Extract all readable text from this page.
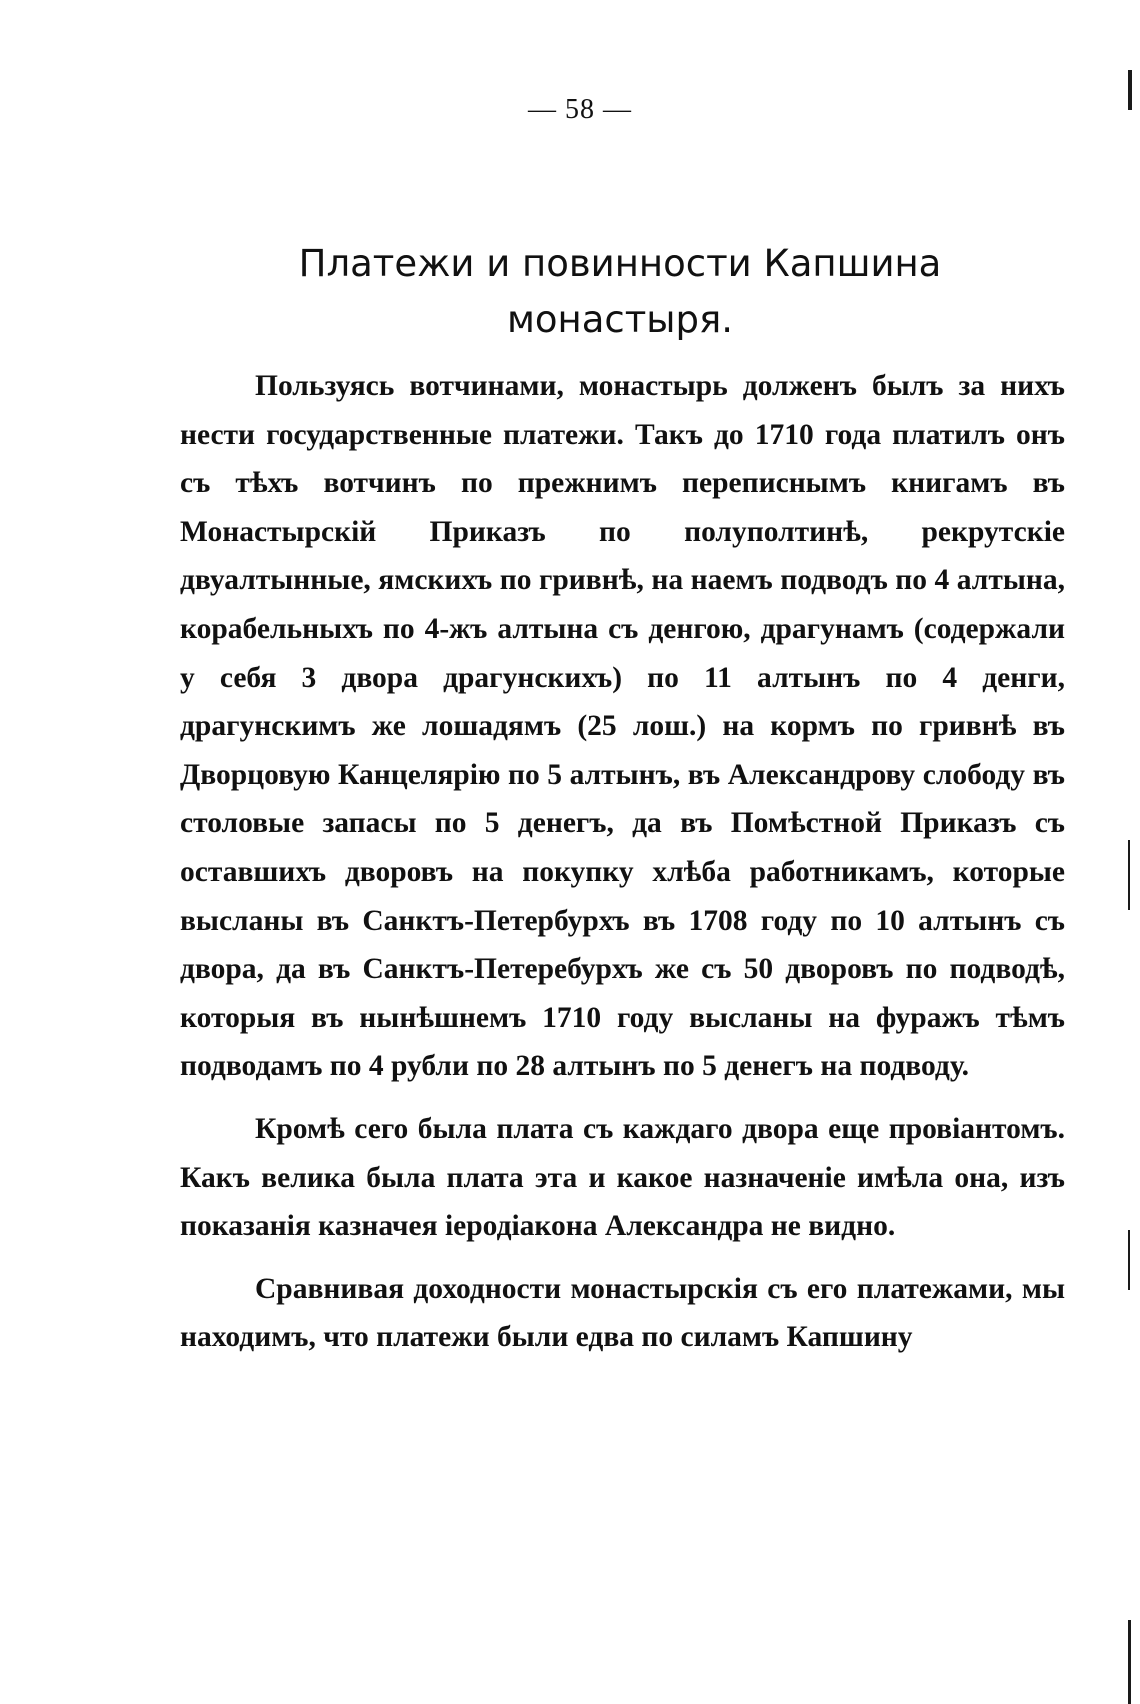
— 58 —
Платежи и повинности Капшина монастыря.

Пользуясь вотчинами, монастырь долженъ былъ за нихъ нести государственные платежи. Такъ до 1710 года платилъ онъ съ тѣхъ вотчинъ по прежнимъ переписнымъ книгамъ въ Монастырскій Приказъ по полуполтинѣ, рекрутскіе двуалтынные, ямскихъ по гривнѣ, на наемъ подводъ по 4 алтына, корабельныхъ по 4-жъ алтына съ денгою, драгунамъ (содержали у себя 3 двора драгунскихъ) по 11 алтынъ по 4 денги, драгунскимъ же лошадямъ (25 лош.) на кормъ по гривнѣ въ Дворцовую Канцелярію по 5 алтынъ, въ Александрову слободу въ столовые запасы по 5 денегъ, да въ Помѣстной Приказъ съ оставшихъ дворовъ на покупку хлѣба работникамъ, которые высланы въ Санктъ-Петербурхъ въ 1708 году по 10 алтынъ съ двора, да въ Санктъ-Петеребурхъ же съ 50 дворовъ по подводѣ, которыя въ нынѣшнемъ 1710 году высланы на фуражъ тѣмъ подводамъ по 4 рубли по 28 алтынъ по 5 денегъ на подводу.

Кромѣ сего была плата съ каждаго двора еще провіантомъ. Какъ велика была плата эта и какое назначеніе имѣла она, изъ показанія казначея іеродіакона Александра не видно.

Сравнивая доходности монастырскія съ его платежами, мы находимъ, что платежи были едва по силамъ Капшину
